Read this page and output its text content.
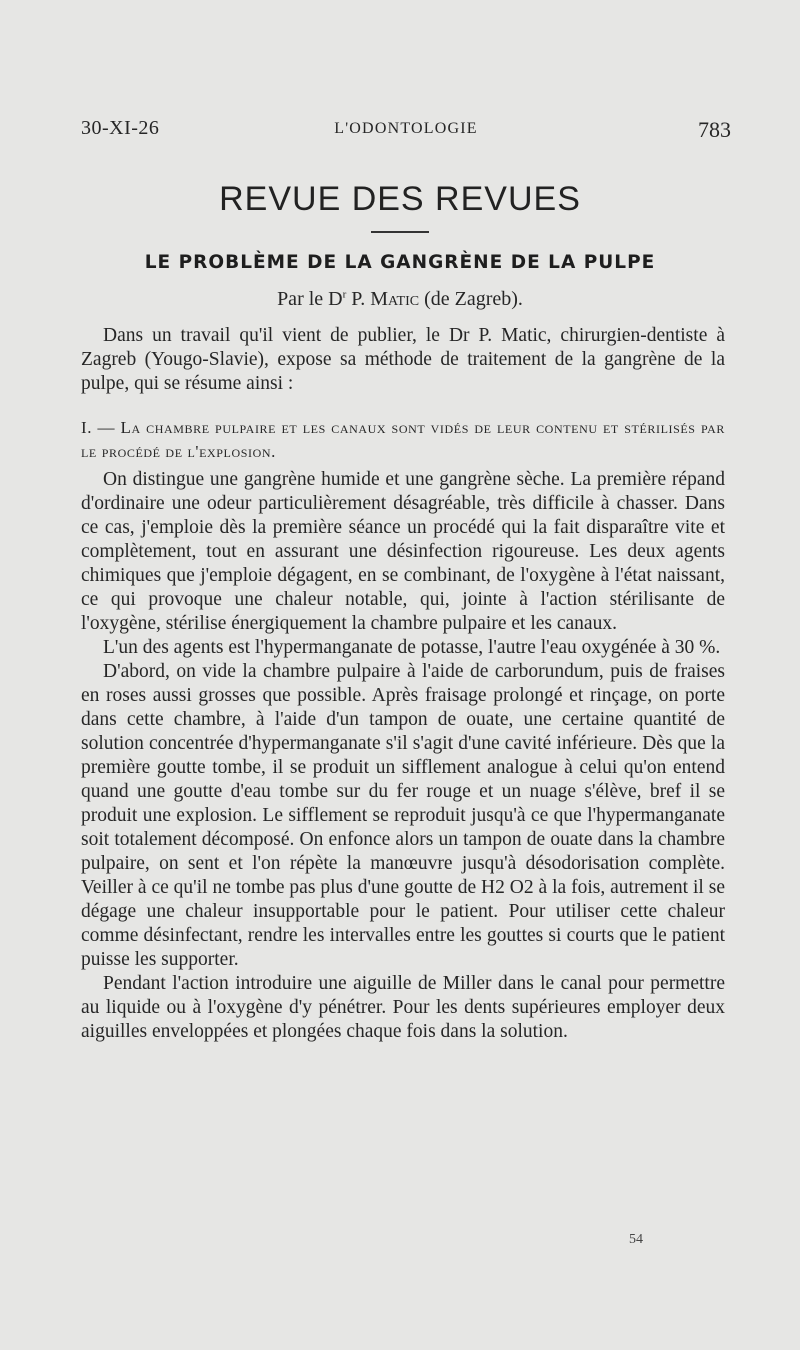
30-XI-26	L'ODONTOLOGIE	783
REVUE DES REVUES
LE PROBLÈME DE LA GANGRÈNE DE LA PULPE
Par le $D^r$ P. Matic (de Zagreb).

Dans un travail qu'il vient de publier, le Dr P. Matic, chirurgien-dentiste à Zagreb (Yougo-Slavie), expose sa méthode de traitement de la gangrène de la pulpe, qui se résume ainsi :

I. — La chambre pulpaire et les canaux sont vidés de leur contenu et stérilisés par le procédé de l'explosion.

On distingue une gangrène humide et une gangrène sèche. La première répand d'ordinaire une odeur particulièrement désagréable, très difficile à chasser. Dans ce cas, j'emploie dès la première séance un procédé qui la fait disparaître vite et complètement, tout en assurant une désinfection rigoureuse. Les deux agents chimiques que j'emploie dégagent, en se combinant, de l'oxygène à l'état naissant, ce qui provoque une chaleur notable, qui, jointe à l'action stérilisante de l'oxygène, stérilise énergiquement la chambre pulpaire et les canaux.

L'un des agents est l'hypermanganate de potasse, l'autre l'eau oxygénée à 30 %.

D'abord, on vide la chambre pulpaire à l'aide de carborundum, puis de fraises en roses aussi grosses que possible. Après fraisage prolongé et rinçage, on porte dans cette chambre, à l'aide d'un tampon de ouate, une certaine quantité de solution concentrée d'hypermanganate s'il s'agit d'une cavité inférieure. Dès que la première goutte tombe, il se produit un sifflement analogue à celui qu'on entend quand une goutte d'eau tombe sur du fer rouge et un nuage s'élève, bref il se produit une explosion. Le sifflement se reproduit jusqu'à ce que l'hypermanganate soit totalement décomposé. On enfonce alors un tampon de ouate dans la chambre pulpaire, on sent et l'on répète la manœuvre jusqu'à désodorisation complète. Veiller à ce qu'il ne tombe pas plus d'une goutte de H2 O2 à la fois, autrement il se dégage une chaleur insupportable pour le patient. Pour utiliser cette chaleur comme désinfectant, rendre les intervalles entre les gouttes si courts que le patient puisse les supporter.

Pendant l'action introduire une aiguille de Miller dans le canal pour permettre au liquide ou à l'oxygène d'y pénétrer. Pour les dents supérieures employer deux aiguilles enveloppées et plongées chaque fois dans la solution.

54
